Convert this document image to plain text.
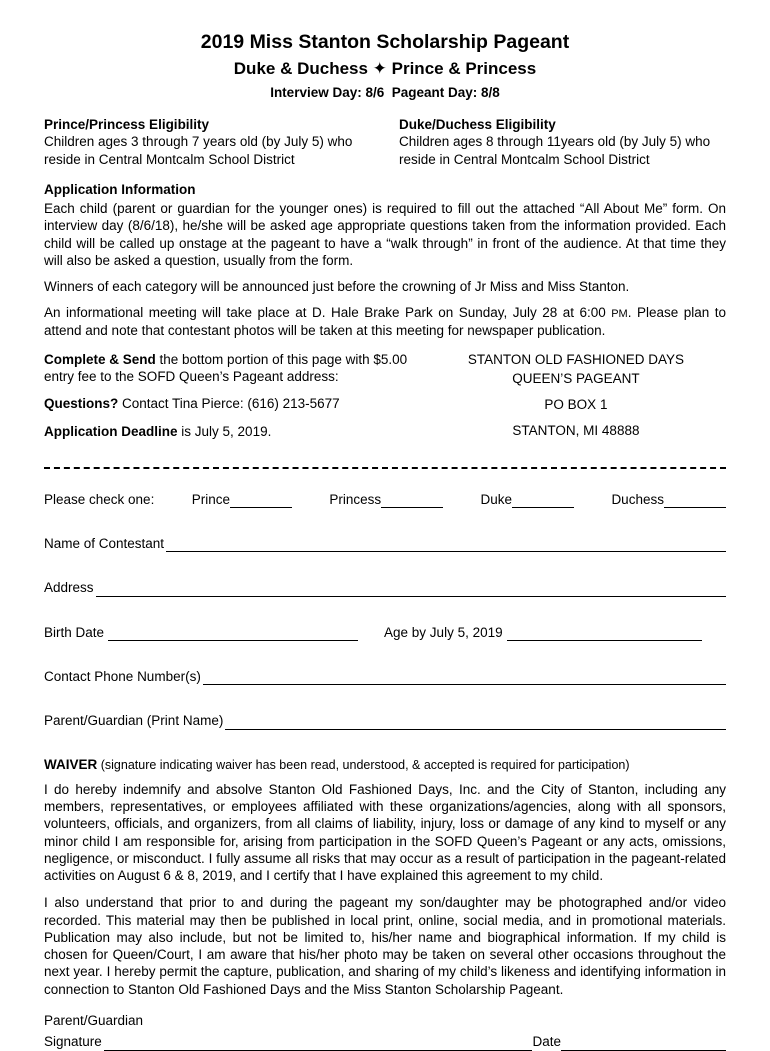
2019 Miss Stanton Scholarship Pageant
Duke & Duchess ✦ Prince & Princess
Interview Day: 8/6  Pageant Day: 8/8
Prince/Princess Eligibility
Children ages 3 through 7 years old (by July 5) who reside in Central Montcalm School District
Duke/Duchess Eligibility
Children ages 8 through 11years old (by July 5) who reside in Central Montcalm School District
Application Information

Each child (parent or guardian for the younger ones) is required to fill out the attached “All About Me” form. On interview day (8/6/18), he/she will be asked age appropriate questions taken from the information provided. Each child will be called up onstage at the pageant to have a “walk through” in front of the audience. At that time they will also be asked a question, usually from the form.

Winners of each category will be announced just before the crowning of Jr Miss and Miss Stanton.

An informational meeting will take place at D. Hale Brake Park on Sunday, July 28 at 6:00 PM. Please plan to attend and note that contestant photos will be taken at this meeting for newspaper publication.

Complete & Send the bottom portion of this page with $5.00 entry fee to the SOFD Queen’s Pageant address:

Questions? Contact Tina Pierce: (616) 213-5677

Application Deadline is July 5, 2019.

STANTON OLD FASHIONED DAYS
QUEEN’S PAGEANT
PO BOX 1
STANTON, MI 48888
Please check one:	Prince	Princess	Duke	Duchess
Name of Contestant
Address
Birth Date	Age by July 5, 2019
Contact Phone Number(s)
Parent/Guardian (Print Name)

WAIVER (signature indicating waiver has been read, understood, & accepted is required for participation)

I do hereby indemnify and absolve Stanton Old Fashioned Days, Inc. and the City of Stanton, including any members, representatives, or employees affiliated with these organizations/agencies, along with all sponsors, volunteers, officials, and organizers, from all claims of liability, injury, loss or damage of any kind to myself or any minor child I am responsible for, arising from participation in the SOFD Queen’s Pageant or any acts, omissions, negligence, or misconduct. I fully assume all risks that may occur as a result of participation in the pageant-related activities on August 6 & 8, 2019, and I certify that I have explained this agreement to my child.

I also understand that prior to and during the pageant my son/daughter may be photographed and/or video recorded. This material may then be published in local print, online, social media, and in promotional materials. Publication may also include, but not be limited to, his/her name and biographical information. If my child is chosen for Queen/Court, I am aware that his/her photo may be taken on several other occasions throughout the next year. I hereby permit the capture, publication, and sharing of my child’s likeness and identifying information in connection to Stanton Old Fashioned Days and the Miss Stanton Scholarship Pageant.

Parent/Guardian
Signature	Date
